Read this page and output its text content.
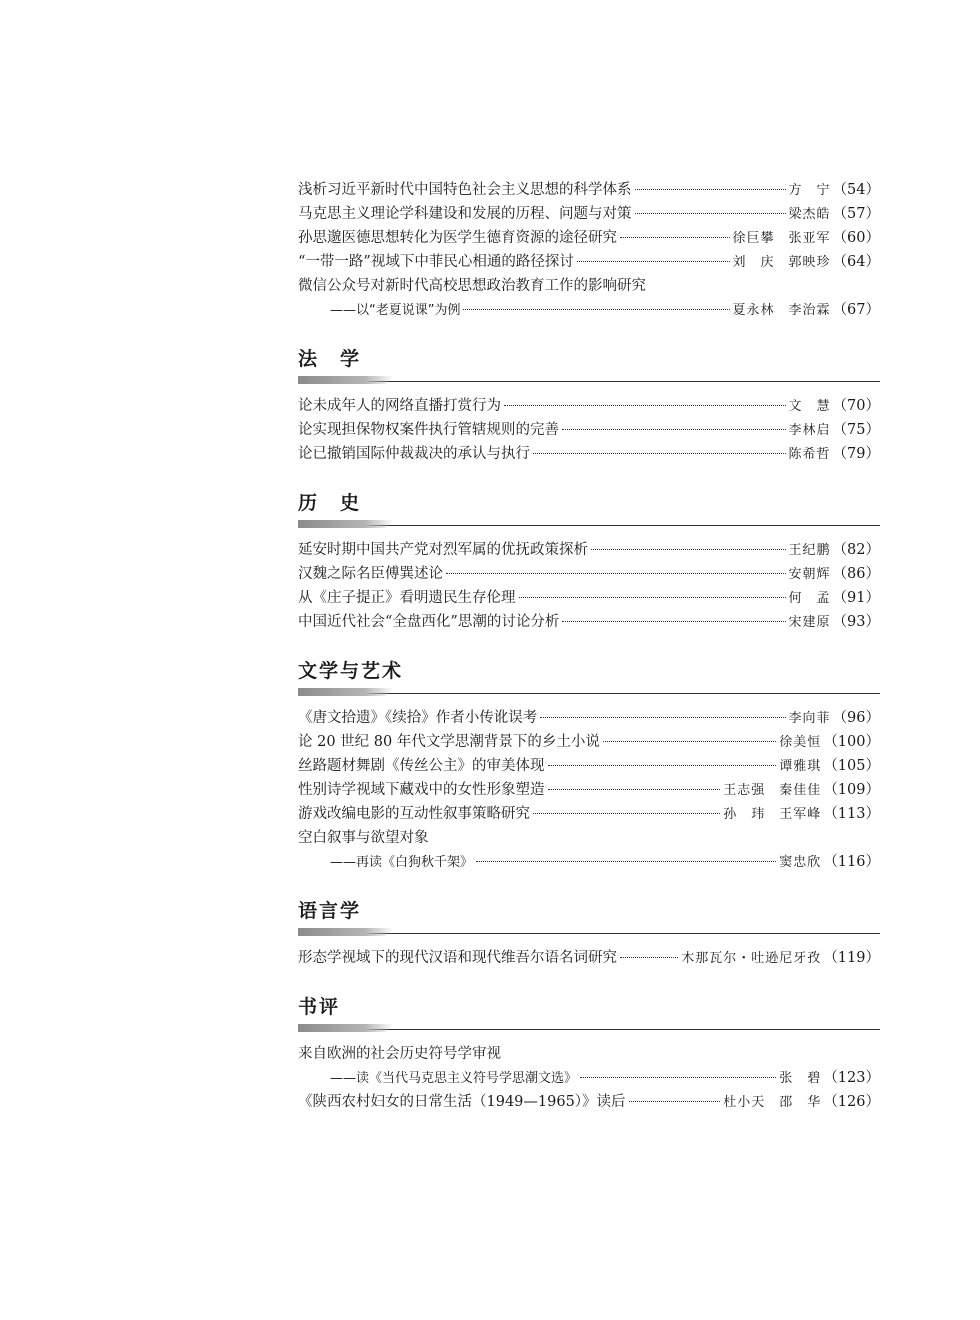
浅析习近平新时代中国特色社会主义思想的科学体系	方　宁 （54）
马克思主义理论学科建设和发展的历程、问题与对策	梁杰皓 （57）
孙思邈医德思想转化为医学生德育资源的途径研究	徐巨攀　张亚军 （60）
“一带一路”视域下中菲民心相通的路径探讨	刘　庆　郭映珍 （64）
微信公众号对新时代高校思想政治教育工作的影响研究
——以“老夏说课”为例	夏永林　李治霖 （67）
法　学
论未成年人的网络直播打赏行为	文　慧 （70）
论实现担保物权案件执行管辖规则的完善	李林启 （75）
论已撤销国际仲裁裁决的承认与执行	陈希哲 （79）
历　史
延安时期中国共产党对烈军属的优抚政策探析	王纪鹏 （82）
汉魏之际名臣傅巽述论	安朝辉 （86）
从《庄子提正》看明遗民生存伦理	何　孟 （91）
中国近代社会“全盘西化”思潮的讨论分析	宋建原 （93）
文学与艺术
《唐文拾遗》《续拾》作者小传讹误考	李向菲 （96）
论 20 世纪 80 年代文学思潮背景下的乡土小说	徐美恒 （100）
丝路题材舞剧《传丝公主》的审美体现	谭雅琪 （105）
性别诗学视域下藏戏中的女性形象塑造	王志强　秦佳佳 （109）
游戏改编电影的互动性叙事策略研究	孙　玮　王军峰 （113）
空白叙事与欲望对象
——再读《白狗秋千架》	窦忠欣 （116）
语言学
形态学视域下的现代汉语和现代维吾尔语名词研究	木那瓦尔・吐逊尼牙孜 （119）
书评
来自欧洲的社会历史符号学审视
——读《当代马克思主义符号学思潮文选》	张　碧 （123）
《陕西农村妇女的日常生活（1949—1965）》读后	杜小天　邵　华 （126）
